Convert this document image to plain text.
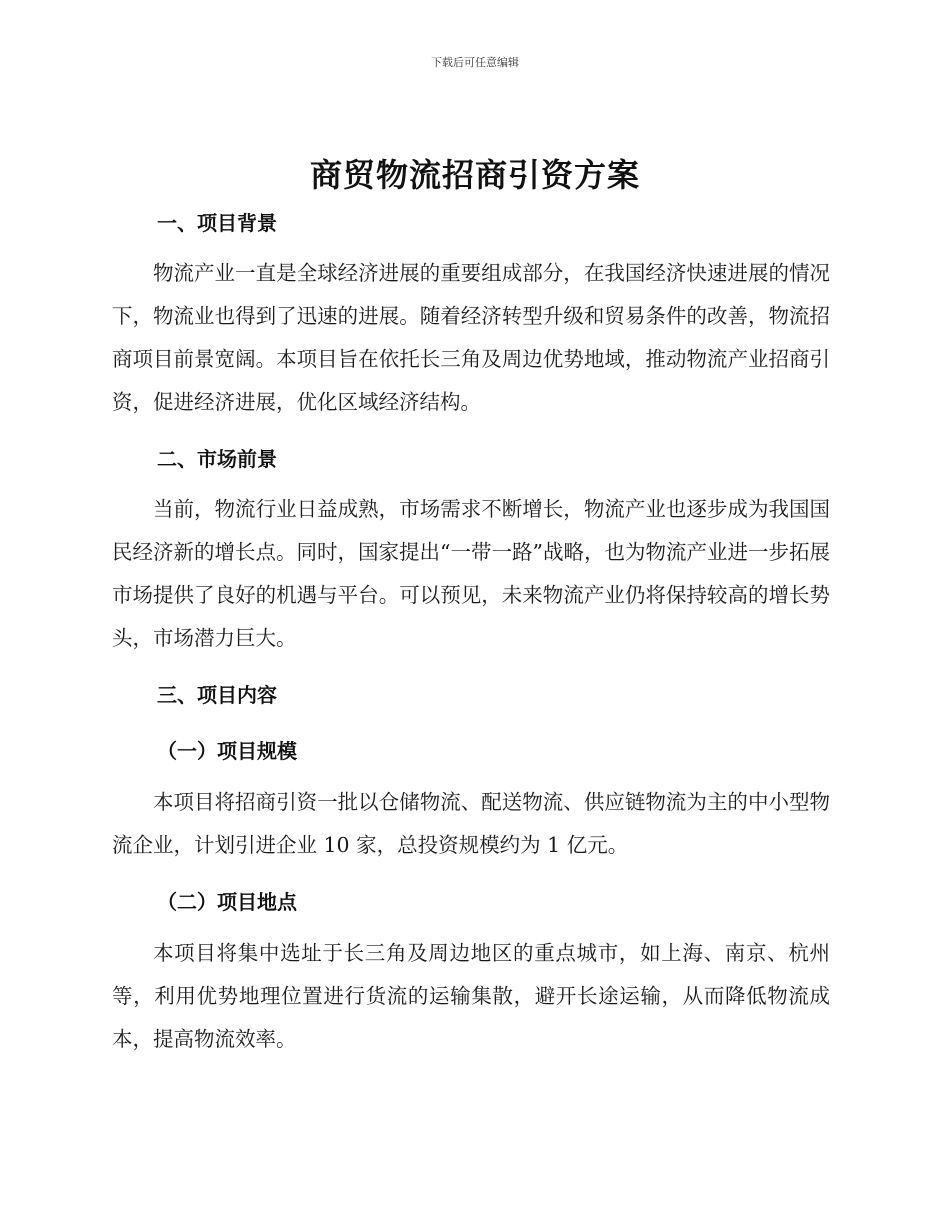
下载后可任意编辑
商贸物流招商引资方案
一、项目背景
物流产业一直是全球经济进展的重要组成部分，在我国经济快速进展的情况下，物流业也得到了迅速的进展。随着经济转型升级和贸易条件的改善，物流招商项目前景宽阔。本项目旨在依托长三角及周边优势地域，推动物流产业招商引资，促进经济进展，优化区域经济结构。
二、市场前景
当前，物流行业日益成熟，市场需求不断增长，物流产业也逐步成为我国国民经济新的增长点。同时，国家提出“一带一路”战略，也为物流产业进一步拓展市场提供了良好的机遇与平台。可以预见，未来物流产业仍将保持较高的增长势头，市场潜力巨大。
三、项目内容
（一）项目规模
本项目将招商引资一批以仓储物流、配送物流、供应链物流为主的中小型物流企业，计划引进企业 10 家，总投资规模约为 1 亿元。
（二）项目地点
本项目将集中选址于长三角及周边地区的重点城市，如上海、南京、杭州等，利用优势地理位置进行货流的运输集散，避开长途运输，从而降低物流成本，提高物流效率。
